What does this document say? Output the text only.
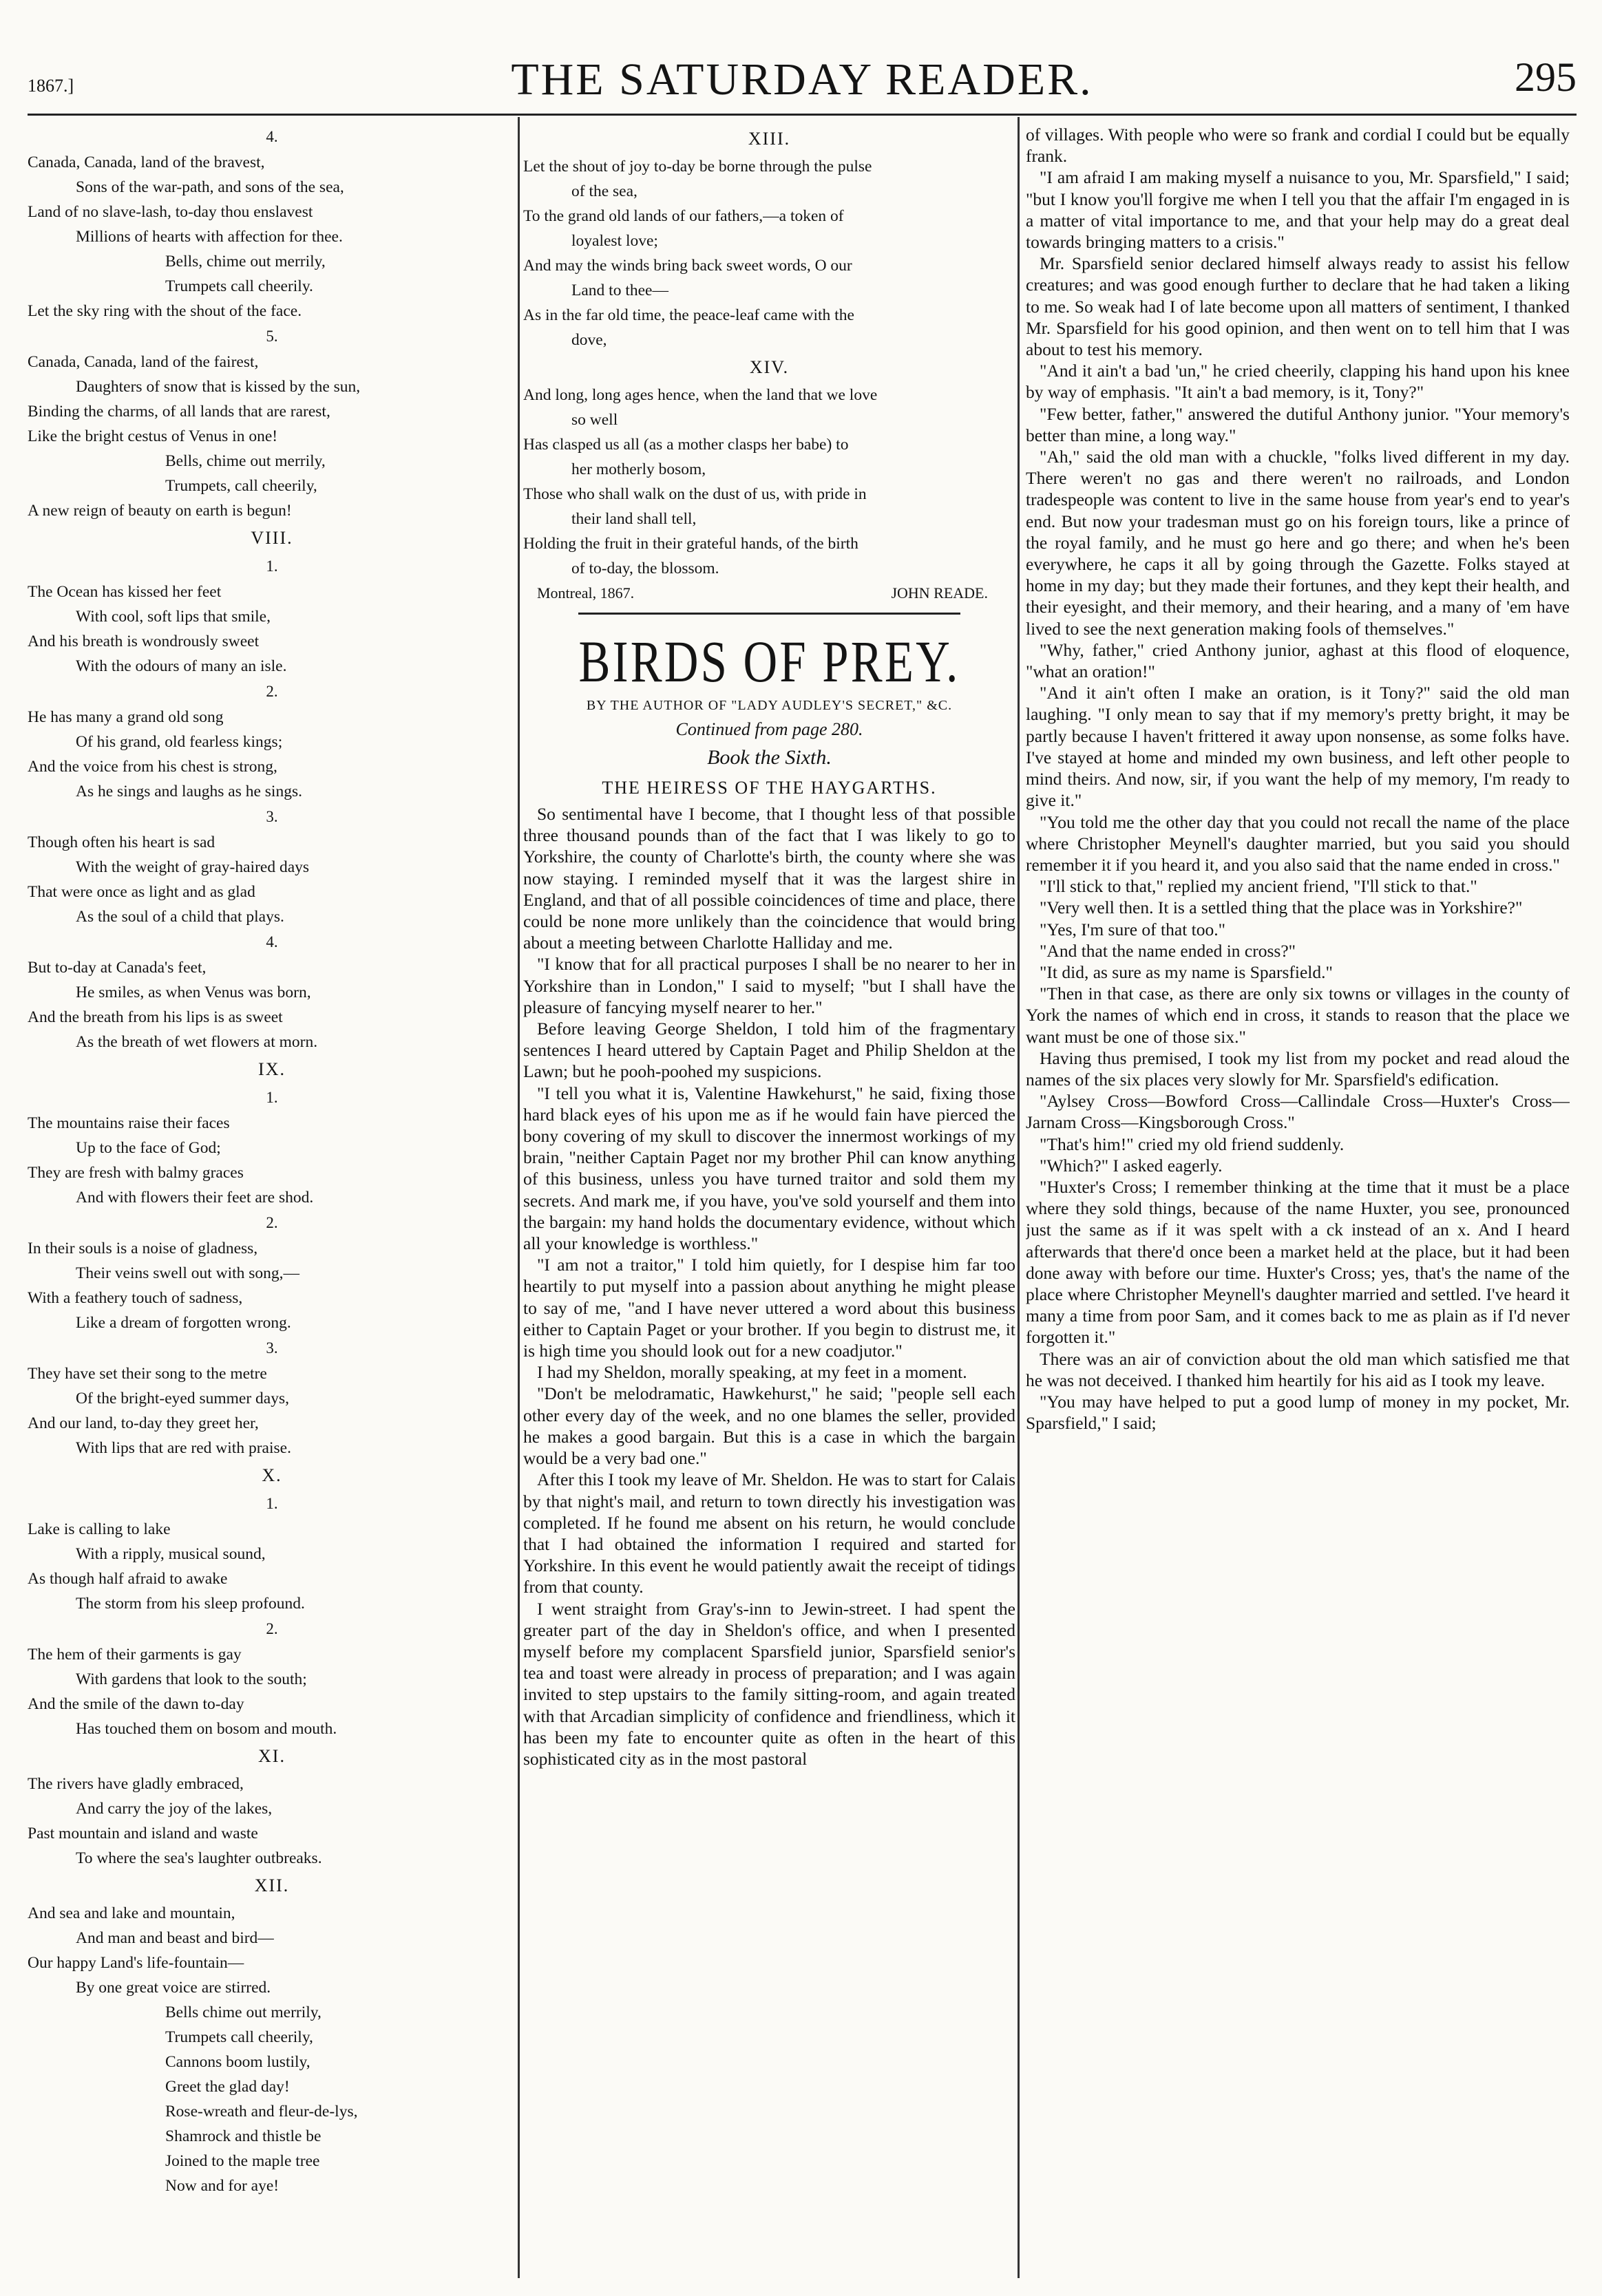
1867.]	THE SATURDAY READER.	295
4.
Canada, Canada, land of the bravest,
Sons of the war-path, and sons of the sea,
Land of no slave-lash, to-day thou enslavest
Millions of hearts with affection for thee.
Bells, chime out merrily,
Trumpets call cheerily.
Let the sky ring with the shout of the face.
5.
Canada, Canada, land of the fairest,
Daughters of snow that is kissed by the sun,
Binding the charms, of all lands that are rarest,
Like the bright cestus of Venus in one!
Bells, chime out merrily,
Trumpets, call cheerily,
A new reign of beauty on earth is begun!
VIII.
1.
The Ocean has kissed her feet
With cool, soft lips that smile,
And his breath is wondrously sweet
With the odours of many an isle.
2.
He has many a grand old song
Of his grand, old fearless kings;
And the voice from his chest is strong,
As he sings and laughs as he sings.
3.
Though often his heart is sad
With the weight of gray-haired days
That were once as light and as glad
As the soul of a child that plays.
4.
But to-day at Canada's feet,
He smiles, as when Venus was born,
And the breath from his lips is as sweet
As the breath of wet flowers at morn.
IX.
1.
The mountains raise their faces
Up to the face of God;
They are fresh with balmy graces
And with flowers their feet are shod.
2.
In their souls is a noise of gladness,
Their veins swell out with song,—
With a feathery touch of sadness,
Like a dream of forgotten wrong.
3.
They have set their song to the metre
Of the bright-eyed summer days,
And our land, to-day they greet her,
With lips that are red with praise.
X.
1.
Lake is calling to lake
With a ripply, musical sound,
As though half afraid to awake
The storm from his sleep profound.
2.
The hem of their garments is gay
With gardens that look to the south;
And the smile of the dawn to-day
Has touched them on bosom and mouth.
XI.
The rivers have gladly embraced,
And carry the joy of the lakes,
Past mountain and island and waste
To where the sea's laughter outbreaks.
XII.
And sea and lake and mountain,
And man and beast and bird—
Our happy Land's life-fountain—
By one great voice are stirred.
Bells chime out merrily,
Trumpets call cheerily,
Cannons boom lustily,
Greet the glad day!
Rose-wreath and fleur-de-lys,
Shamrock and thistle be
Joined to the maple tree
Now and for aye!
XIII.
Let the shout of joy to-day be borne through the pulse
of the sea,
To the grand old lands of our fathers,—a token of
loyalest love;
And may the winds bring back sweet words, O our
Land to thee—
As in the far old time, the peace-leaf came with the
dove,
XIV.
And long, long ages hence, when the land that we love
so well
Has clasped us all (as a mother clasps her babe) to
her motherly bosom,
Those who shall walk on the dust of us, with pride in
their land shall tell,
Holding the fruit in their grateful hands, of the birth
of to-day, the blossom.
Montreal, 1867.	JOHN READE.
BIRDS OF PREY.
BY THE AUTHOR OF "LADY AUDLEY'S SECRET," &C.
Continued from page 280.
Book the Sixth.
THE HEIRESS OF THE HAYGARTHS.

So sentimental have I become, that I thought less of that possible three thousand pounds than of the fact that I was likely to go to Yorkshire, the county of Charlotte's birth, the county where she was now staying. I reminded myself that it was the largest shire in England, and that of all possible coincidences of time and place, there could be none more unlikely than the coincidence that would bring about a meeting between Charlotte Halliday and me.

"I know that for all practical purposes I shall be no nearer to her in Yorkshire than in London," I said to myself; "but I shall have the pleasure of fancying myself nearer to her."

Before leaving George Sheldon, I told him of the fragmentary sentences I heard uttered by Captain Paget and Philip Sheldon at the Lawn; but he pooh-poohed my suspicions.

"I tell you what it is, Valentine Hawkehurst," he said, fixing those hard black eyes of his upon me as if he would fain have pierced the bony covering of my skull to discover the innermost workings of my brain, "neither Captain Paget nor my brother Phil can know anything of this business, unless you have turned traitor and sold them my secrets. And mark me, if you have, you've sold yourself and them into the bargain: my hand holds the documentary evidence, without which all your knowledge is worthless."

"I am not a traitor," I told him quietly, for I despise him far too heartily to put myself into a passion about anything he might please to say of me, "and I have never uttered a word about this business either to Captain Paget or your brother. If you begin to distrust me, it is high time you should look out for a new coadjutor."

I had my Sheldon, morally speaking, at my feet in a moment.

"Don't be melodramatic, Hawkehurst," he said; "people sell each other every day of the week, and no one blames the seller, provided he makes a good bargain. But this is a case in which the bargain would be a very bad one."

After this I took my leave of Mr. Sheldon. He was to start for Calais by that night's mail, and return to town directly his investigation was completed. If he found me absent on his return, he would conclude that I had obtained the information I required and started for Yorkshire. In this event he would patiently await the receipt of tidings from that county.

I went straight from Gray's-inn to Jewin-street. I had spent the greater part of the day in Sheldon's office, and when I presented myself before my complacent Sparsfield junior, Sparsfield senior's tea and toast were already in process of preparation; and I was again invited to step upstairs to the family sitting-room, and again treated with that Arcadian simplicity of confidence and friendliness, which it has been my fate to encounter quite as often in the heart of this sophisticated city as in the most pastoral

of villages. With people who were so frank and cordial I could but be equally frank.

"I am afraid I am making myself a nuisance to you, Mr. Sparsfield," I said; "but I know you'll forgive me when I tell you that the affair I'm engaged in is a matter of vital importance to me, and that your help may do a great deal towards bringing matters to a crisis."

Mr. Sparsfield senior declared himself always ready to assist his fellow creatures; and was good enough further to declare that he had taken a liking to me. So weak had I of late become upon all matters of sentiment, I thanked Mr. Sparsfield for his good opinion, and then went on to tell him that I was about to test his memory.

"And it ain't a bad 'un," he cried cheerily, clapping his hand upon his knee by way of emphasis. "It ain't a bad memory, is it, Tony?"

"Few better, father," answered the dutiful Anthony junior. "Your memory's better than mine, a long way."

"Ah," said the old man with a chuckle, "folks lived different in my day. There weren't no gas and there weren't no railroads, and London tradespeople was content to live in the same house from year's end to year's end. But now your tradesman must go on his foreign tours, like a prince of the royal family, and he must go here and go there; and when he's been everywhere, he caps it all by going through the Gazette. Folks stayed at home in my day; but they made their fortunes, and they kept their health, and their eyesight, and their memory, and their hearing, and a many of 'em have lived to see the next generation making fools of themselves."

"Why, father," cried Anthony junior, aghast at this flood of eloquence, "what an oration!"

"And it ain't often I make an oration, is it Tony?" said the old man laughing. "I only mean to say that if my memory's pretty bright, it may be partly because I haven't frittered it away upon nonsense, as some folks have. I've stayed at home and minded my own business, and left other people to mind theirs. And now, sir, if you want the help of my memory, I'm ready to give it."

"You told me the other day that you could not recall the name of the place where Christopher Meynell's daughter married, but you said you should remember it if you heard it, and you also said that the name ended in cross."

"I'll stick to that," replied my ancient friend, "I'll stick to that."

"Very well then. It is a settled thing that the place was in Yorkshire?"

"Yes, I'm sure of that too."

"And that the name ended in cross?"

"It did, as sure as my name is Sparsfield."

"Then in that case, as there are only six towns or villages in the county of York the names of which end in cross, it stands to reason that the place we want must be one of those six."

Having thus premised, I took my list from my pocket and read aloud the names of the six places very slowly for Mr. Sparsfield's edification.

"Aylsey Cross—Bowford Cross—Callindale Cross—Huxter's Cross—Jarnam Cross—Kingsborough Cross."

"That's him!" cried my old friend suddenly.

"Which?" I asked eagerly.

"Huxter's Cross; I remember thinking at the time that it must be a place where they sold things, because of the name Huxter, you see, pronounced just the same as if it was spelt with a ck instead of an x. And I heard afterwards that there'd once been a market held at the place, but it had been done away with before our time. Huxter's Cross; yes, that's the name of the place where Christopher Meynell's daughter married and settled. I've heard it many a time from poor Sam, and it comes back to me as plain as if I'd never forgotten it."

There was an air of conviction about the old man which satisfied me that he was not deceived. I thanked him heartily for his aid as I took my leave.

"You may have helped to put a good lump of money in my pocket, Mr. Sparsfield," I said;
